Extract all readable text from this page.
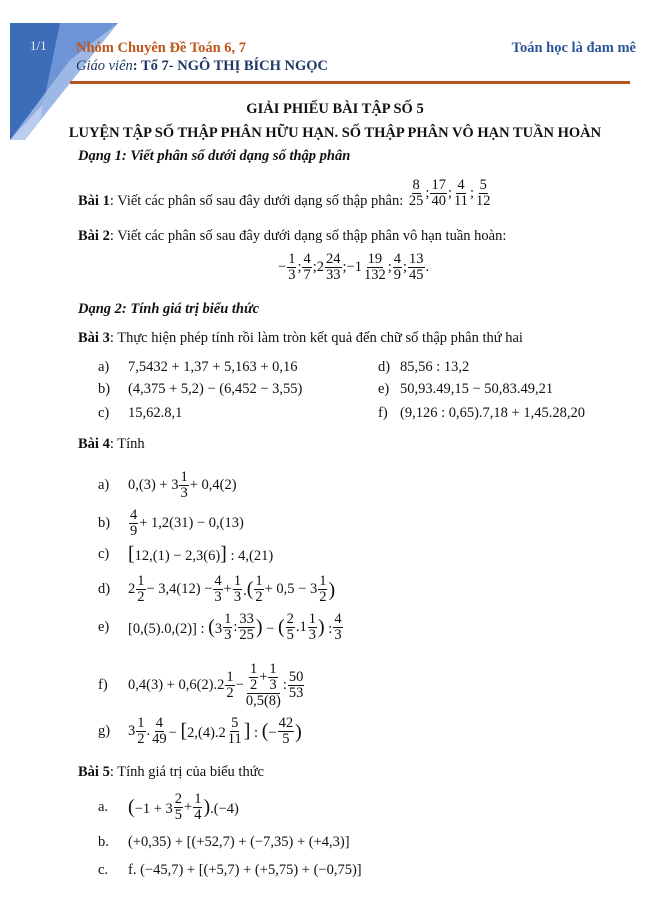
1/1 Nhóm Chuyên Đề Toán 6, 7
Giáo viên: Tổ 7- NGÔ THỊ BÍCH NGỌC
Toán học là đam mê
GIẢI PHIẾU BÀI TẬP SỐ 5
LUYỆN TẬP SỐ THẬP PHÂN HỮU HẠN. SỐ THẬP PHÂN VÔ HẠN TUẦN HOÀN
Dạng 1: Viết phân số dưới dạng số thập phân
Bài 1: Viết các phân số sau đây dưới dạng số thập phân: $\frac{8}{25}$ ; $\frac{17}{40}$ ; $\frac{4}{11}$ ; $\frac{5}{12}$
Bài 2: Viết các phân số sau đây dưới dạng số thập phân vô hạn tuần hoàn:
− $\frac{1}{3}$ ; $\frac{4}{7}$ ;2 $\frac{24}{33}$ ;−1 $\frac{19}{132}$ ; $\frac{4}{9}$ ; $\frac{13}{45}$ .
Dạng 2: Tính giá trị biểu thức
Bài 3: Thực hiện phép tính rồi làm tròn kết quả đến chữ số thập phân thứ hai
a)	7,5432 + 1,37 + 5,163 + 0,16
b)	(4,375 + 5,2) − (6,452 − 3,55)
c)	15,62.8,1
d) 85,56 : 13,2
e) 50,93.49,15 − 50,83.49,21
f) (9,126 : 0,65).7,18 + 1,45.28,20
Bài 4: Tính
a)	$0,(3) + 3 \frac{1}{3} + 0,4(2)$
b)	$\frac{4}{9} + 1,2(31) - 0,(13)$
c) [12,(1) − 2,3(6)] : 4,(21)
d)	$2 \frac{1}{2} - 3,4(12) - \frac{4}{3} + \frac{1}{3}$ .( $\frac{1}{2} + 0,5 - 3 \frac{1}{2}$ )
e)	[0,(5).0,(2)] : ($3 \frac{1}{3}$ : $\frac{33}{25}$ ) − ( $\frac{2}{5} .1 \frac{1}{3}$ ) : $\frac{4}{3}$
f)	$0,4(3) + 0,6(2).2 \frac{1}{2} - \frac{\frac{1}{2} + \frac{1}{3}}{0,5(8)}$ : $\frac{50}{53}$
g)	$3 \frac{1}{2}$ . $\frac{4}{49} - [2,(4).2 \frac{5}{11}$ ] : (− $\frac{42}{5}$ )
Bài 5: Tính giá trị của biểu thức
a. $(-1 + 3 \frac{2}{5} + \frac{1}{4} ).(-4)$
b.	(+0,35) + [(+52,7) + (−7,35) + (+4,3)]
c.	f. (−45,7) + [(+5,7) + (+5,75) + (−0,75)]
